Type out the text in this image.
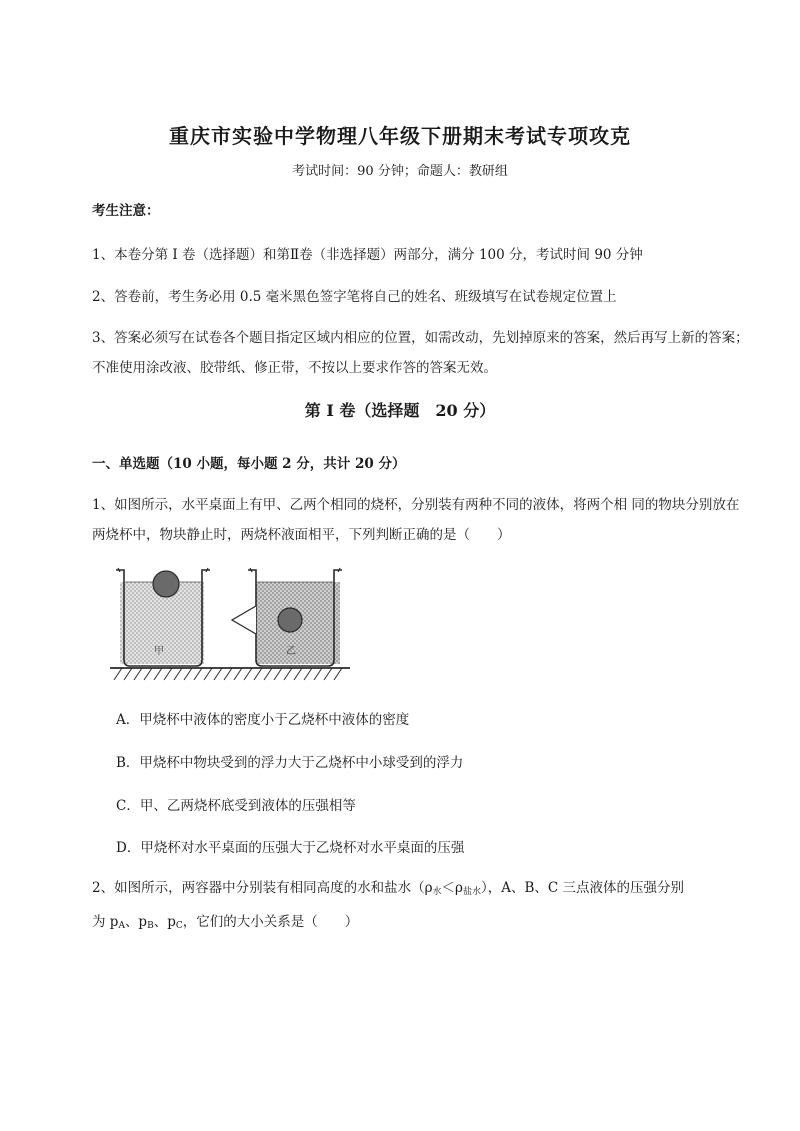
重庆市实验中学物理八年级下册期末考试专项攻克
考试时间：90 分钟；命题人：教研组
考生注意：
1、本卷分第 I 卷（选择题）和第Ⅱ卷（非选择题）两部分，满分 100 分，考试时间 90 分钟
2、答卷前，考生务必用 0.5 毫米黑色签字笔将自己的姓名、班级填写在试卷规定位置上
3、答案必须写在试卷各个题目指定区域内相应的位置，如需改动，先划掉原来的答案，然后再写上新的答案；不准使用涂改液、胶带纸、修正带，不按以上要求作答的答案无效。
第 I 卷（选择题　20 分）
一、单选题（10 小题，每小题 2 分，共计 20 分）
1、如图所示，水平桌面上有甲、乙两个相同的烧杯，分别装有两种不同的液体，将两个相 同的物块分别放在两烧杯中，物块静止时，两烧杯液面相平，下列判断正确的是（　　）
甲	乙
A．甲烧杯中液体的密度小于乙烧杯中液体的密度
B．甲烧杯中物块受到的浮力大于乙烧杯中小球受到的浮力
C．甲、乙两烧杯底受到液体的压强相等
D．甲烧杯对水平桌面的压强大于乙烧杯对水平桌面的压强
2、如图所示，两容器中分别装有相同高度的水和盐水$(\rho_水<\rho_{盐水})$，A、B、C 三点液体的压强分别
为 $p_A$、$p_B$、$p_C$，它们的大小关系是（　　）
